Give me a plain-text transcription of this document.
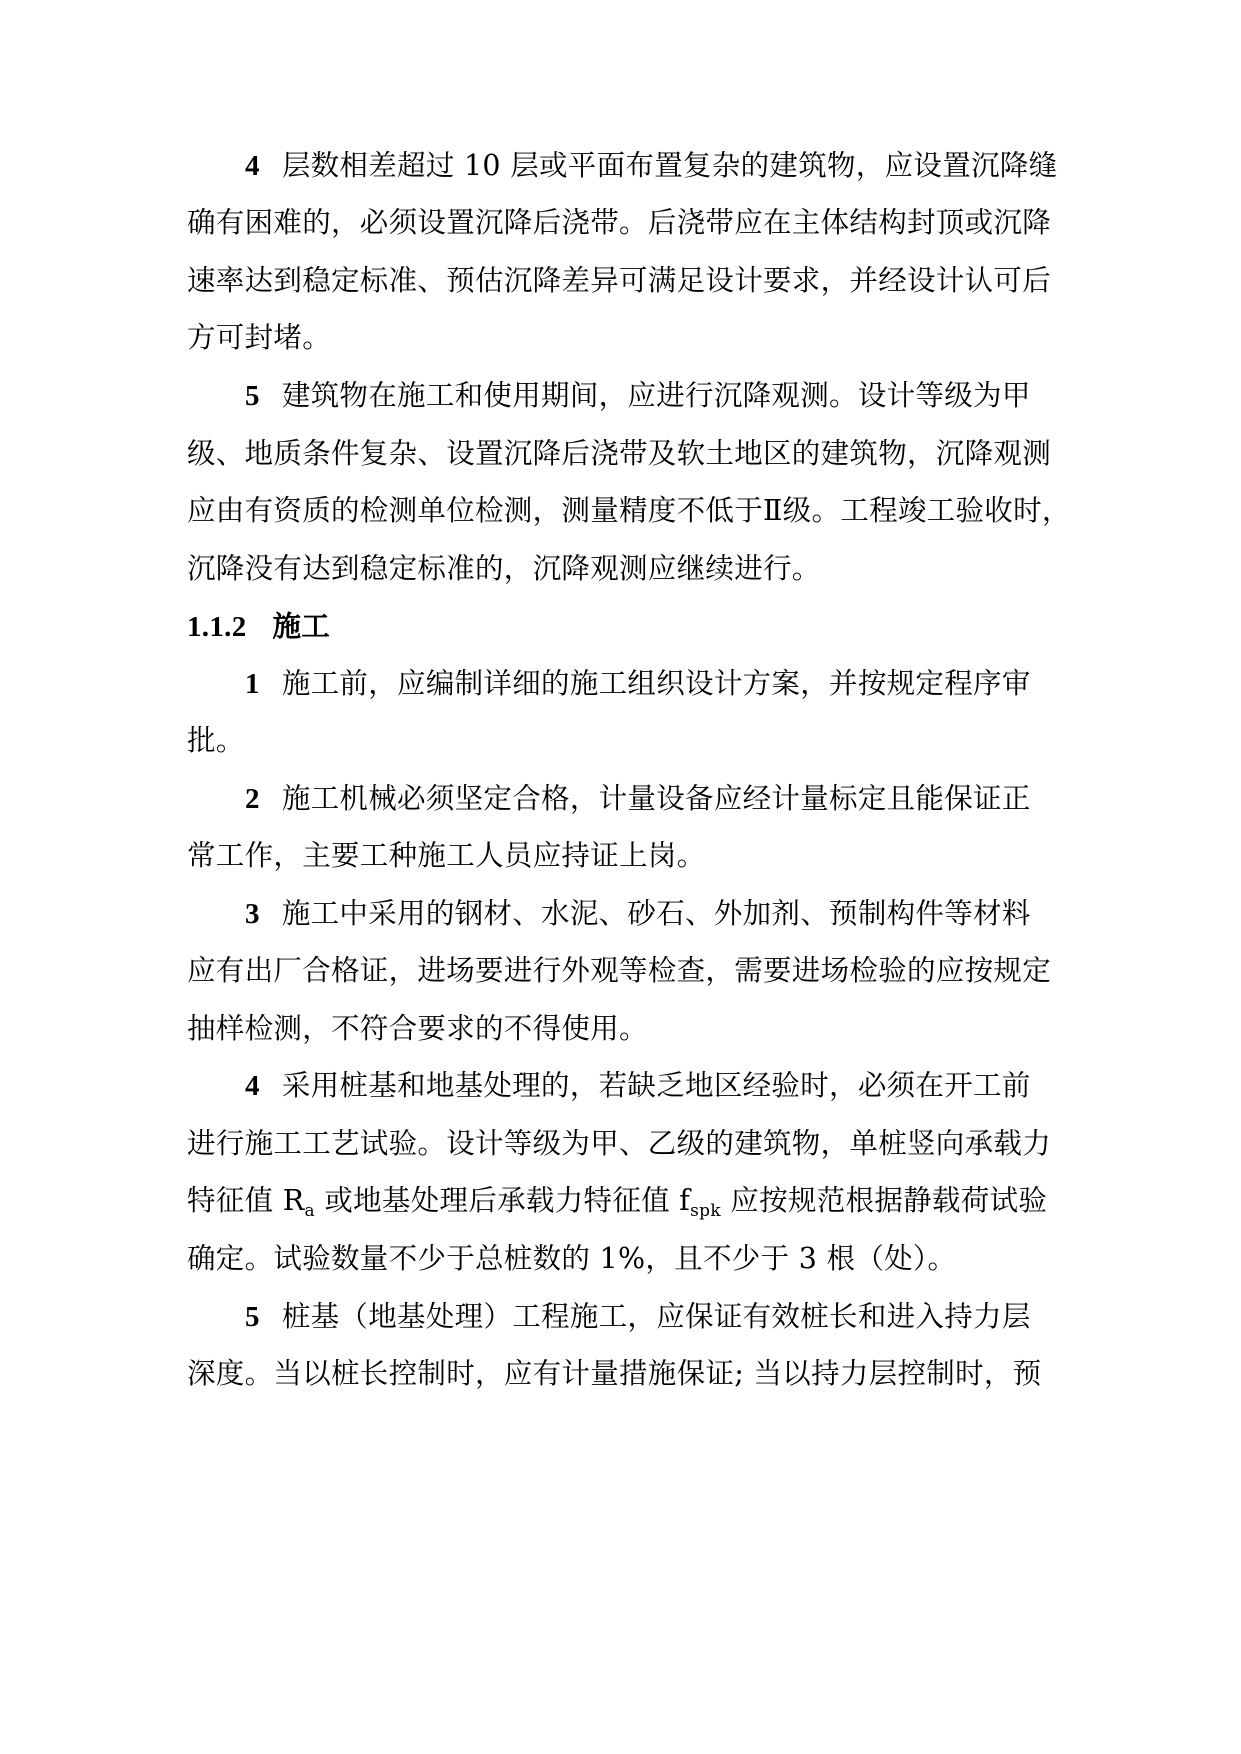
4 层数相差超过 10 层或平面布置复杂的建筑物，应设置沉降缝
确有困难的，必须设置沉降后浇带。后浇带应在主体结构封顶或沉降
速率达到稳定标准、预估沉降差异可满足设计要求，并经设计认可后
方可封堵。
5 建筑物在施工和使用期间，应进行沉降观测。设计等级为甲
级、地质条件复杂、设置沉降后浇带及软土地区的建筑物，沉降观测
应由有资质的检测单位检测，测量精度不低于Ⅱ级。工程竣工验收时，
沉降没有达到稳定标准的，沉降观测应继续进行。
1.1.2 施工
1 施工前，应编制详细的施工组织设计方案，并按规定程序审
批。
2 施工机械必须坚定合格，计量设备应经计量标定且能保证正
常工作，主要工种施工人员应持证上岗。
3 施工中采用的钢材、水泥、砂石、外加剂、预制构件等材料
应有出厂合格证，进场要进行外观等检查，需要进场检验的应按规定
抽样检测，不符合要求的不得使用。
4 采用桩基和地基处理的，若缺乏地区经验时，必须在开工前
进行施工工艺试验。设计等级为甲、乙级的建筑物，单桩竖向承载力
特征值 $R_a$ 或地基处理后承载力特征值 $f_{spk}$ 应按规范根据静载荷试验
确定。试验数量不少于总桩数的 1%，且不少于 3 根（处）。
5 桩基（地基处理）工程施工，应保证有效桩长和进入持力层
深度。当以桩长控制时，应有计量措施保证; 当以持力层控制时，预
